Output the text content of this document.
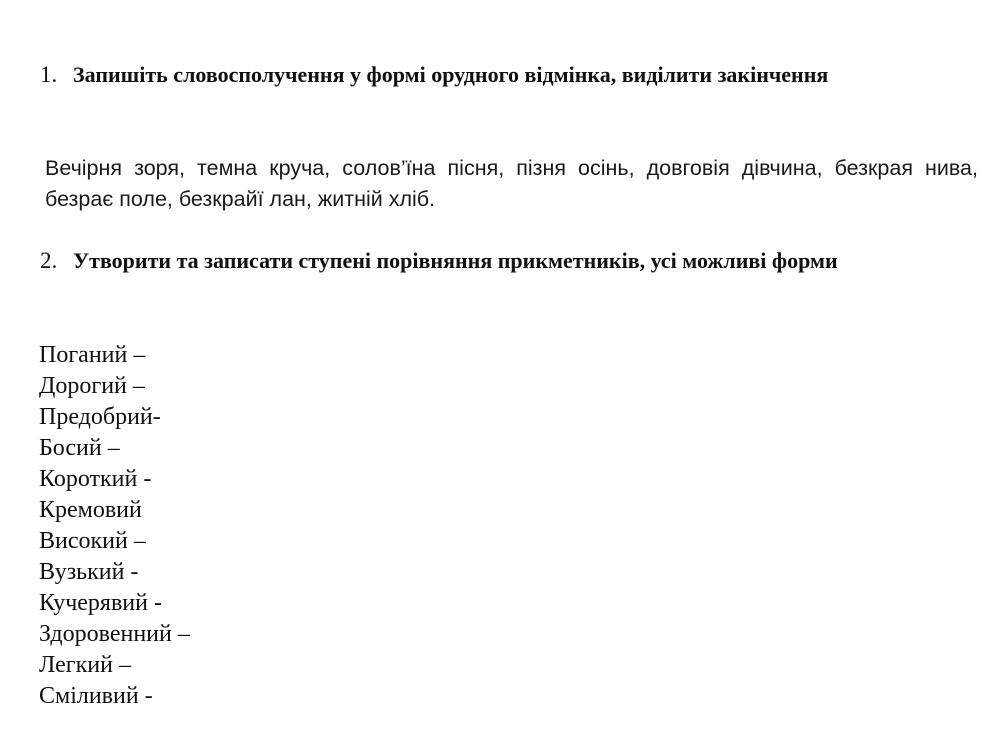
1. Запишіть словосполучення у формі орудного відмінка, виділити закінчення
Вечірня зоря, темна круча, солов’їна пісня, пізня осінь, довговія дівчина, безкрая нива, безрає поле, безкрайї лан, житній хліб.
2. Утворити та записати ступені порівняння прикметників, усі можливі форми
Поганий –
Дорогий –
Предобрий-
Босий –
Короткий -
Кремовий
Високий –
Вузький -
Кучерявий -
Здоровенний –
Легкий –
Сміливий -
